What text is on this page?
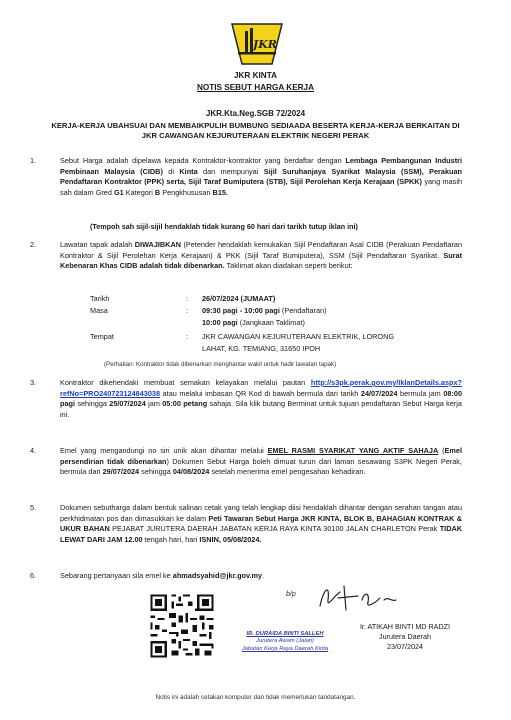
JKR
JKR KINTA
NOTIS SEBUT HARGA KERJA
JKR.Kta.Neg.SGB 72/2024
KERJA-KERJA UBAHSUAI DAN MEMBAIKPULIH BUMBUNG SEDIAADA BESERTA KERJA-KERJA BERKAITAN DI JKR CAWANGAN KEJURUTERAAN ELEKTRIK NEGERI PERAK
1.	Sebut Harga adalah dipelawa kepada Kontraktor-kontraktor yang berdaftar dengan Lembaga Pembangunan Industri Pembinaan Malaysia (CIDB) di Kinta dan mempunyai Sijil Suruhanjaya Syarikat Malaysia (SSM), Perakuan Pendaftaran Kontraktor (PPK) serta, Sijil Taraf Bumiputera (STB), Sijil Perolehan Kerja Kerajaan (SPKK) yang masih sah dalam Gred G1 Kategori B Pengkhususan B15.
(Tempoh sah sijil-sijil hendaklah tidak kurang 60 hari dari tarikh tutup iklan ini)
2.	Lawatan tapak adalah DIWAJIBKAN (Petender hendaklah kemukakan Sijil Pendaftaran Asal CIDB (Perakuan Pendaftaran Kontraktor & Sijil Perolehan Kerja Kerajaan) & PKK (Sijil Taraf Bumiputera), SSM (Sijil Pendaftaran Syarikat. Surat Kebenaran Khas CIDB adalah tidak dibenarkan. Taklimat akan diadakan seperti berikut:
Tarikh	: 26/07/2024 (JUMAAT)
Masa	: 09:30 pagi - 10:00 pagi (Pendaftaran)
10:00 pagi (Jangkaan Taklimat)
Tempat	: JKR CAWANGAN KEJURUTERAAN ELEKTRIK, LORONG
LAHAT, KG. TEMIANG, 31650 IPOH
(Perhatian: Kontraktor tidak dibenarkan menghantar wakil untuk hadir lawatan tapak)
3.	Kontraktor dikehendaki membuat semakan kelayakan melalui pautan http://s3pk.perak.gov.my/IklanDetails.aspx?refNo=PRO240723124843038 atau melalui imbasan QR Kod di bawah bermula dari tarikh 24/07/2024 bermula jam 08:00 pagi sehingga 25/07/2024 jam 05:00 petang sahaja. Sila klik butang Berminat untuk tujuan pendaftaran Sebut Harga kerja ini.
4.	Emel yang mengandungi no siri unik akan dihantar melalui EMEL RASMI SYARIKAT YANG AKTIF SAHAJA (Emel persendirian tidak dibenarkan) Dokumen Sebut Harga boleh dimuat turun dari laman sesawang S3PK Negeri Perak, bermula dari 29/07/2024 sehingga 04/08/2024 setelah menerima emel pengesahan kehadiran.
5.	Dokumen sebutharga dalam bentuk salinan cetak yang telah lengkap diisi hendaklah dihantar dengan serahan tangan atau perkhidmatan pos dan dimasukkan ke dalam Peti Tawaran Sebut Harga JKR KINTA, BLOK B, BAHAGIAN KONTRAK & UKUR BAHAN PEJABAT JURUTERA DAERAH JABATAN KERJA RAYA KINTA 30100 JALAN CHARLETON Perak TIDAK LEWAT DARI JAM 12.00 tengah hari, hari ISNIN, 05/08/2024.
6.	Sebarang pertanyaan sila emel ke ahmadsyahid@jkr.gov.my.
b/p
Ir. ATIKAH BINTI MD RADZI
Jurutera Daerah
23/07/2024
IR. DURAIDA BINTI SALLEH
Jurutera Awam (Jalan)
Jabatan Kerja Raya Daerah Kinta
Notis ini adalah cetakan komputer dan tidak memerlukan tandatangan.
